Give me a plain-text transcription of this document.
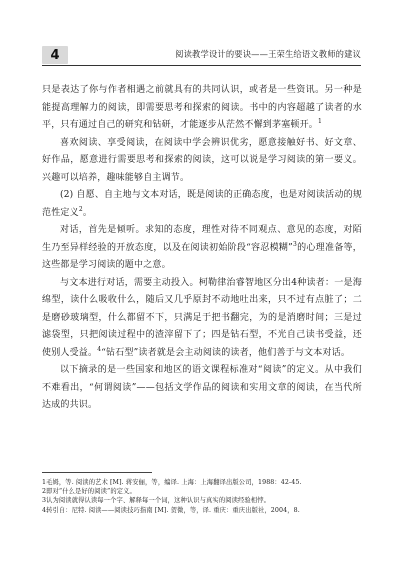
4	阅读教学设计的要诀——王荣生给语文教师的建议

只是表达了你与作者相遇之前就具有的共同认识，或者是一些资讯。另一种是能提高理解力的阅读，即需要思考和探索的阅读。书中的内容超越了读者的水平，只有通过自己的研究和钻研，才能逐步从茫然不懈到茅塞顿开。$^1$

喜欢阅读、享受阅读，在阅读中学会辨识优劣，愿意接触好书、好文章、好作品，愿意进行需要思考和探索的阅读，这可以说是学习阅读的第一要义。兴趣可以培养，趣味能够自主调节。

(2) 自愿、自主地与文本对话，既是阅读的正确态度，也是对阅读活动的规范性定义$^2$。

对话，首先是倾听。求知的态度，理性对待不同观点、意见的态度，对陌生乃至异样经验的开放态度，以及在阅读初始阶段“容忍模糊”$^3$的心理准备等，这些都是学习阅读的题中之意。

与文本进行对话，需要主动投入。柯勒律治睿智地区分出4种读者：一是海绵型，读什么吸收什么，随后又几乎原封不动地吐出来，只不过有点脏了；二是磨砂玻璃型，什么都留不下，只满足于把书翻完，为的是消磨时间；三是过滤袋型，只把阅读过程中的渣滓留下了；四是钻石型，不光自己读书受益，还使别人受益。$^4$“钻石型”读者就是会主动阅读的读者，他们善于与文本对话。

以下摘录的是一些国家和地区的语文课程标准对“阅读”的定义。从中我们不难看出，“何谓阅读”——包括文学作品的阅读和实用文章的阅读，在当代所达成的共识。

1毛姆，等. 阅读的艺术 [M]. 蒋安俪，等，编译. 上海：上海翻译出版公司，1988：42-45.

2即对“什么是好的阅读”的定义。

3认为阅读就得认读每一个字、解释每一个词，这种认识与真实的阅读经验相悖。

4转引自：尼特. 阅读——阅读技巧指南 [M]. 贺微，等，译. 重庆：重庆出版社，2004，8.
